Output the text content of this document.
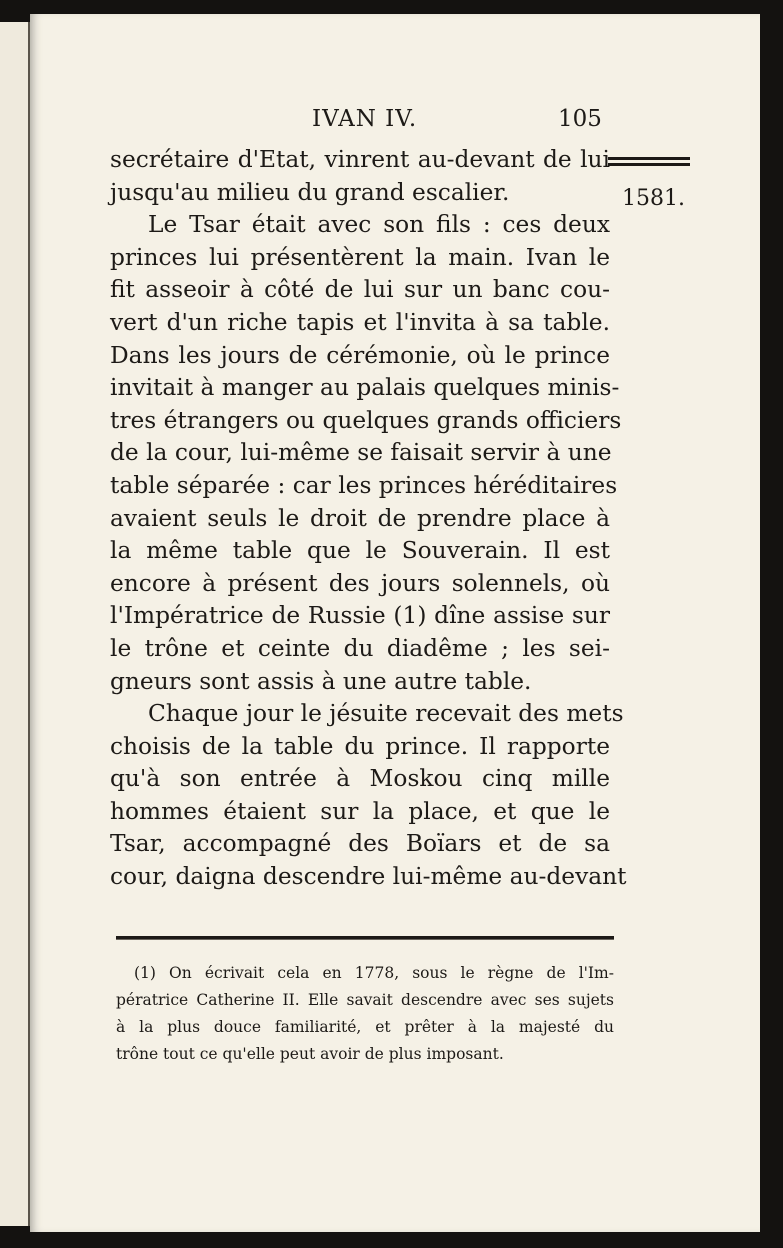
IVAN IV.	105
1581.
secrétaire d'Etat, vinrent au-devant de lui
jusqu'au milieu du grand escalier.
Le Tsar était avec son fils : ces deux
princes lui présentèrent la main. Ivan le
fit asseoir à côté de lui sur un banc cou-
vert d'un riche tapis et l'invita à sa table.
Dans les jours de cérémonie, où le prince
invitait à manger au palais quelques minis-
tres étrangers ou quelques grands officiers
de la cour, lui-même se faisait servir à une
table séparée : car les princes héréditaires
avaient seuls le droit de prendre place à
la même table que le Souverain. Il est
encore à présent des jours solennels, où
l'Impératrice de Russie (1) dîne assise sur
le trône et ceinte du diadême ; les sei-
gneurs sont assis à une autre table.
Chaque jour le jésuite recevait des mets
choisis de la table du prince. Il rapporte
qu'à son entrée à Moskou cinq mille
hommes étaient sur la place, et que le
Tsar, accompagné des Boïars et de sa
cour, daigna descendre lui-même au-devant
(1) On écrivait cela en 1778, sous le règne de l'Im-
pératrice Catherine II. Elle savait descendre avec ses sujets
à la plus douce familiarité, et prêter à la majesté du
trône tout ce qu'elle peut avoir de plus imposant.
